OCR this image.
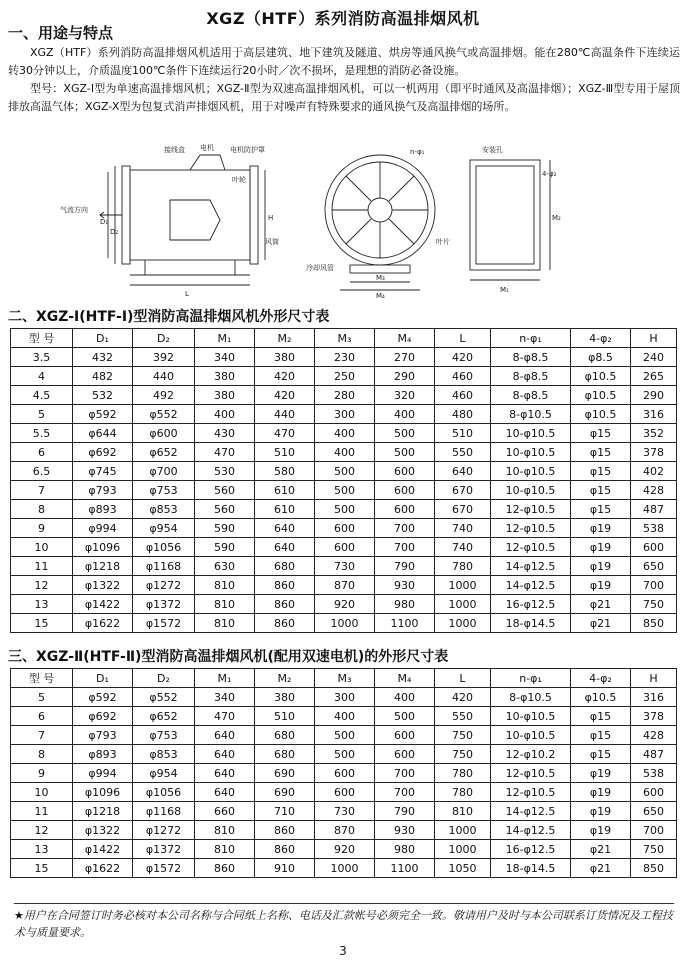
XGZ（HTF）系列消防高温排烟风机
一、用途与特点

XGZ（HTF）系列消防高温排烟风机适用于高层建筑、地下建筑及隧道、烘房等通风换气或高温排烟。能在280℃高温条件下连续运转30分钟以上，介质温度100℃条件下连续运行20小时／次不损坏，是理想的消防必备设施。

型号：XGZ-Ⅰ型为单速高温排烟风机；XGZ-Ⅱ型为双速高温排烟风机，可以一机两用（即平时通风及高温排烟）；XGZ-Ⅲ型专用于屋顶排放高温气体；XGZ-X型为包复式消声排烟风机，用于对噪声有特殊要求的通风换气及高温排烟的场所。

接线盒 电机 电机防护罩
叶轮
风筒
气流方向
D₁
D₂
L
H
n-φ₁
冷却风管
M₃
M₄
叶片
安装孔
4-φ₂
M₂
M₁
二、XGZ-Ⅰ(HTF-Ⅰ)型消防高温排烟风机外形尺寸表
型 号	D₁	D₂	M₁	M₂	M₃	M₄	L	n-φ₁	4-φ₂	H
3.5	432	392	340	380	230	270	420	8-φ8.5	φ8.5	240
4	482	440	380	420	250	290	460	8-φ8.5	φ10.5	265
4.5	532	492	380	420	280	320	460	8-φ8.5	φ10.5	290
5	φ592	φ552	400	440	300	400	480	8-φ10.5	φ10.5	316
5.5	φ644	φ600	430	470	400	500	510	10-φ10.5	φ15	352
6	φ692	φ652	470	510	400	500	550	10-φ10.5	φ15	378
6.5	φ745	φ700	530	580	500	600	640	10-φ10.5	φ15	402
7	φ793	φ753	560	610	500	600	670	10-φ10.5	φ15	428
8	φ893	φ853	560	610	500	600	670	12-φ10.5	φ15	487
9	φ994	φ954	590	640	600	700	740	12-φ10.5	φ19	538
10	φ1096	φ1056	590	640	600	700	740	12-φ10.5	φ19	600
11	φ1218	φ1168	630	680	730	790	780	14-φ12.5	φ19	650
12	φ1322	φ1272	810	860	870	930	1000	14-φ12.5	φ19	700
13	φ1422	φ1372	810	860	920	980	1000	16-φ12.5	φ21	750
15	φ1622	φ1572	810	860	1000	1100	1000	18-φ14.5	φ21	850
三、XGZ-Ⅱ(HTF-Ⅱ)型消防高温排烟风机(配用双速电机)的外形尺寸表
型 号	D₁	D₂	M₁	M₂	M₃	M₄	L	n-φ₁	4-φ₂	H
5	φ592	φ552	340	380	300	400	420	8-φ10.5	φ10.5	316
6	φ692	φ652	470	510	400	500	550	10-φ10.5	φ15	378
7	φ793	φ753	640	680	500	600	750	10-φ10.5	φ15	428
8	φ893	φ853	640	680	500	600	750	12-φ10.2	φ15	487
9	φ994	φ954	640	690	600	700	780	12-φ10.5	φ19	538
10	φ1096	φ1056	640	690	600	700	780	12-φ10.5	φ19	600
11	φ1218	φ1168	660	710	730	790	810	14-φ12.5	φ19	650
12	φ1322	φ1272	810	860	870	930	1000	14-φ12.5	φ19	700
13	φ1422	φ1372	810	860	920	980	1000	16-φ12.5	φ21	750
15	φ1622	φ1572	860	910	1000	1100	1050	18-φ14.5	φ21	850
★用户在合同签订时务必核对本公司名称与合同纸上名称、电话及汇款帐号必须完全一致。敬请用户及时与本公司联系订货情况及工程技术与质量要求。
3
